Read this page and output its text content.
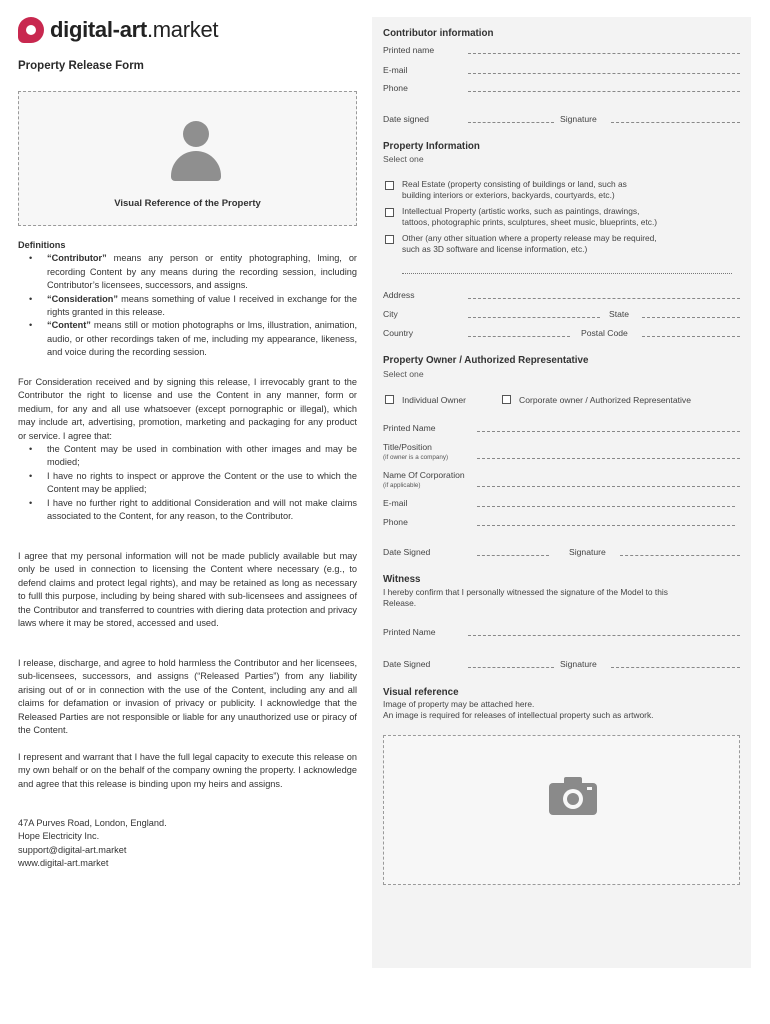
digital-art.market
Property Release Form
Visual Reference of the Property
Definitions
• “Contributor” means any person or entity photographing, lming, or recording Content by any means during the recording session, including Contributor’s licensees, successors, and assigns.
• “Consideration” means something of value I received in exchange for the rights granted in this release.
• “Content” means still or motion photographs or lms, illustration, animation, audio, or other recordings taken of me, including my appearance, likeness, and voice during the recording session.
For Consideration received and by signing this release, I irrevocably grant to the Contributor the right to license and use the Content in any manner, form or medium, for any and all use whatsoever (except pornographic or illegal), which may include art, advertising, promotion, marketing and packaging for any product or service. I agree that:
• the Content may be used in combination with other images and may be modied;
• I have no rights to inspect or approve the Content or the use to which the Content may be applied;
• I have no further right to additional Consideration and will not make claims associated to the Content, for any reason, to the Contributor.
I agree that my personal information will not be made publicly available but may only be used in connection to licensing the Content where necessary (e.g., to defend claims and protect legal rights), and may be retained as long as necessary to fulll this purpose, including by being shared with sub-licensees and assignees of the Contributor and transferred to countries with diering data protection and privacy laws where it may be stored, accessed and used.
I release, discharge, and agree to hold harmless the Contributor and her licensees, sub-licensees, successors, and assigns (“Released Parties”) from any liability arising out of or in connection with the use of the Content, including any and all claims for defamation or invasion of privacy or publicity. I acknowledge that the Released Parties are not responsible or liable for any unauthorized use or piracy of the Content.
I represent and warrant that I have the full legal capacity to execute this release on my own behalf or on the behalf of the company owning the property. I acknowledge and agree that this release is binding upon my heirs and assigns.
47A Purves Road, London, England.
Hope Electricity Inc.
support@digital-art.market
www.digital-art.market
Contributor information
Printed name
E-mail
Phone
Date signed	Signature
Property Information
Select one
Real Estate (property consisting of buildings or land, such as
building interiors or exteriors, backyards, courtyards, etc.)
Intellectual Property (artistic works, such as paintings, drawings,
tattoos, photographic prints, sculptures, sheet music, blueprints, etc.)
Other (any other situation where a property release may be required,
such as 3D software and license information, etc.)
Address
City	State
Country	Postal Code
Property Owner / Authorized Representative
Select one
Individual Owner	Corporate owner / Authorized Representative
Printed Name
Title/Position
(if owner is a company)
Name Of Corporation
(if applicable)
E-mail
Phone
Date Signed	Signature
Witness
I hereby confirm that I personally witnessed the signature of the Model to this
Release.
Printed Name
Date Signed	Signature
Visual reference
Image of property may be attached here.
An image is required for releases of intellectual property such as artwork.
